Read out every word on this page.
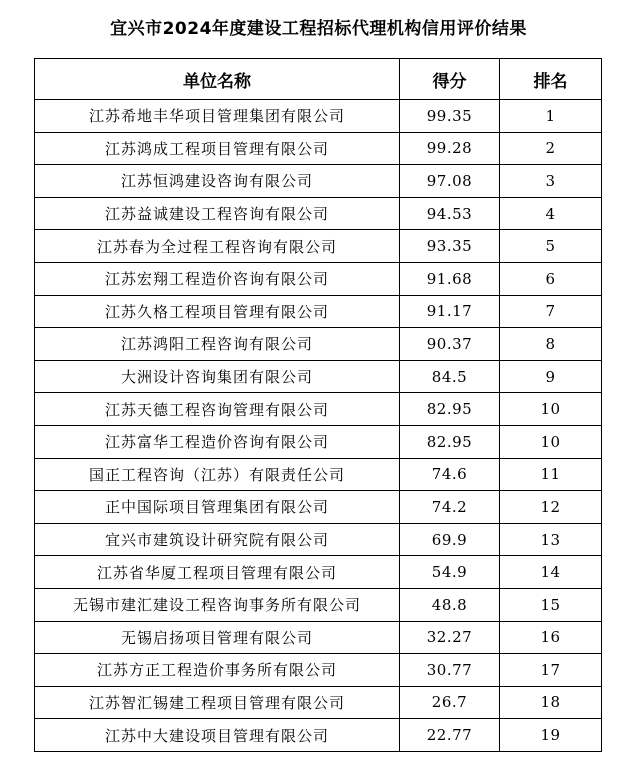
宜兴市2024年度建设工程招标代理机构信用评价结果
单位名称	得分	排名
江苏希地丰华项目管理集团有限公司	99.35	1
江苏鸿成工程项目管理有限公司	99.28	2
江苏恒鸿建设咨询有限公司	97.08	3
江苏益诚建设工程咨询有限公司	94.53	4
江苏春为全过程工程咨询有限公司	93.35	5
江苏宏翔工程造价咨询有限公司	91.68	6
江苏久格工程项目管理有限公司	91.17	7
江苏鸿阳工程咨询有限公司	90.37	8
大洲设计咨询集团有限公司	84.5	9
江苏天德工程咨询管理有限公司	82.95	10
江苏富华工程造价咨询有限公司	82.95	10
国正工程咨询（江苏）有限责任公司	74.6	11
正中国际项目管理集团有限公司	74.2	12
宜兴市建筑设计研究院有限公司	69.9	13
江苏省华厦工程项目管理有限公司	54.9	14
无锡市建汇建设工程咨询事务所有限公司	48.8	15
无锡启扬项目管理有限公司	32.27	16
江苏方正工程造价事务所有限公司	30.77	17
江苏智汇锡建工程项目管理有限公司	26.7	18
江苏中大建设项目管理有限公司	22.77	19
